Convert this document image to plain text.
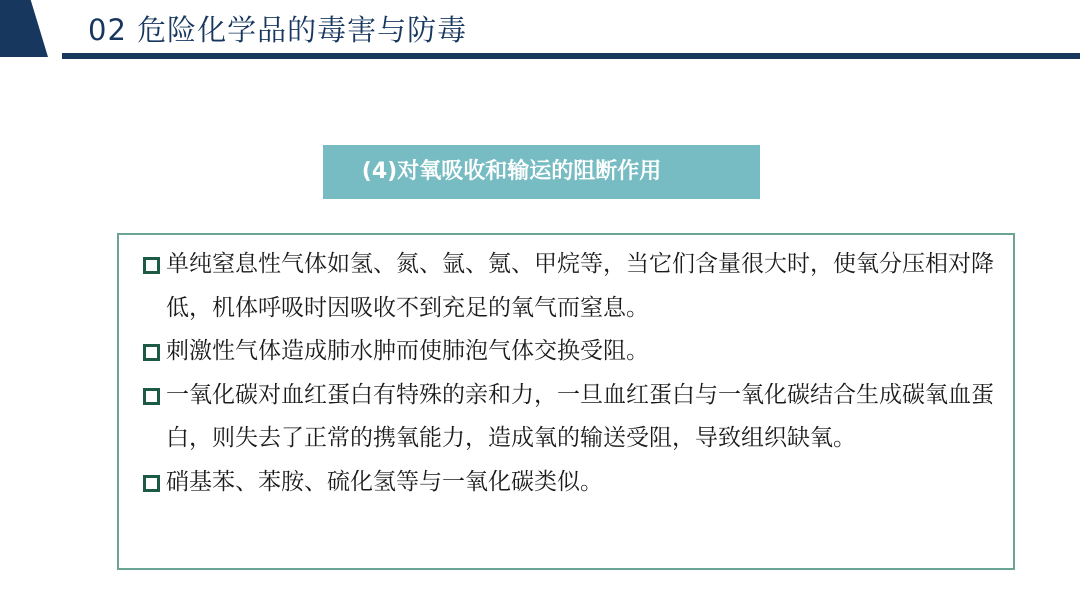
02 危险化学品的毒害与防毒
(4)对氧吸收和输运的阻断作用
单纯窒息性气体如氢、氮、氩、氪、甲烷等，当它们含量很大时，使氧分压相对降低，机体呼吸时因吸收不到充足的氧气而窒息。
刺激性气体造成肺水肿而使肺泡气体交换受阻。
一氧化碳对血红蛋白有特殊的亲和力，一旦血红蛋白与一氧化碳结合生成碳氧血蛋白，则失去了正常的携氧能力，造成氧的输送受阻，导致组织缺氧。
硝基苯、苯胺、硫化氢等与一氧化碳类似。
